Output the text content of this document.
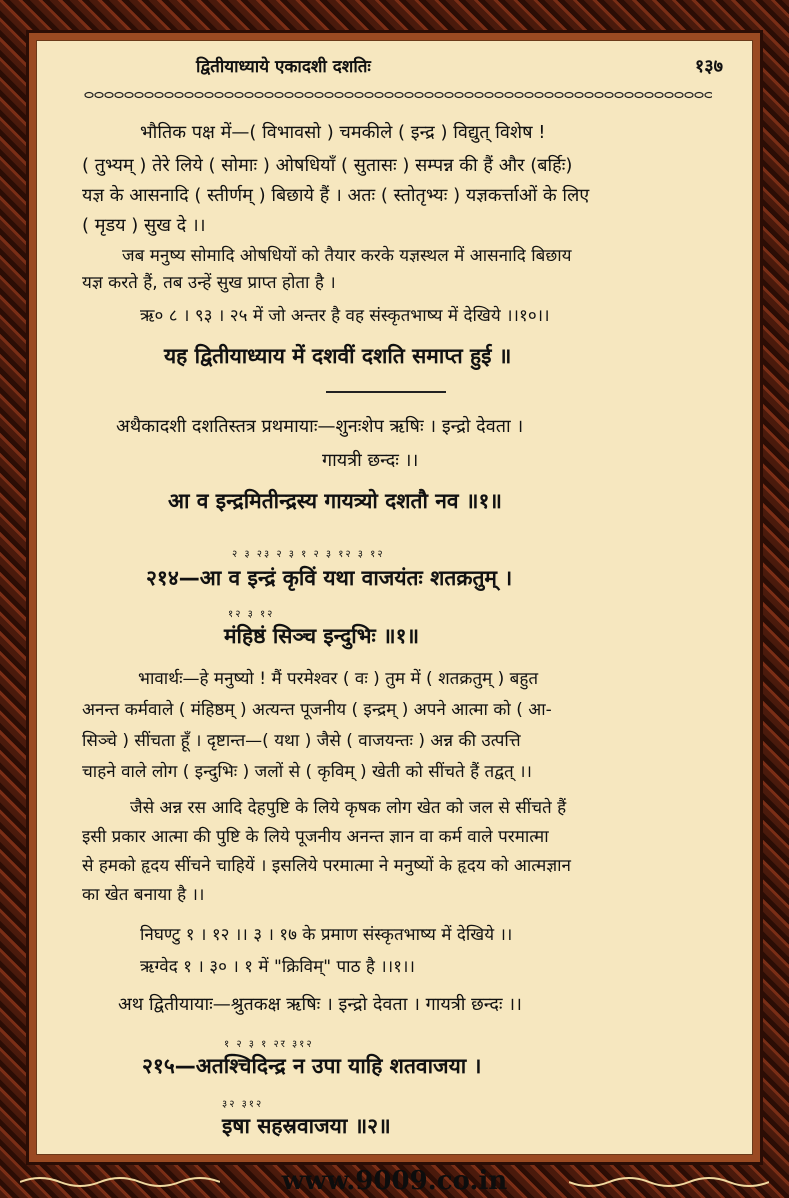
द्वितीयाध्याये एकादशी दशतिः	१३७
भौतिक पक्ष में—( विभावसो ) चमकीले ( इन्द्र ) विद्युत् विशेष !
( तुभ्यम् ) तेरे लिये ( सोमाः ) ओषधियाँ ( सुतासः ) सम्पन्न की हैं और (बर्हिः)
यज्ञ के आसनादि ( स्तीर्णम् ) बिछाये हैं । अतः ( स्तोतृभ्यः ) यज्ञकर्त्ताओं के लिए
( मृडय ) सुख दे ।।
जब मनुष्य सोमादि ओषधियों को तैयार करके यज्ञस्थल में आसनादि बिछाय
यज्ञ करते हैं, तब उन्हें सुख प्राप्त होता है ।
ऋ० ८ । ९३ । २५ में जो अन्तर है वह संस्कृतभाष्य में देखिये ।।१०।।
यह द्वितीयाध्याय में दशवीं दशति समाप्त हुई ॥
अथैकादशी दशतिस्तत्र प्रथमायाः—शुनःशेप ऋषिः । इन्द्रो देवता ।
गायत्री छन्दः ।।
आ व इन्द्रमितीन्द्रस्य गायत्र्यो दशतौ नव ॥१॥
२ ३ २३ २ ३ १ २ ३ १२ ३ १२
२१४—आ व इन्द्रं कृविं यथा वाजयंतः शतक्रतुम् ।
१२ ३ १२
मंहिष्ठं सिञ्च इन्दुभिः ॥१॥
भावार्थः—हे मनुष्यो ! मैं परमेश्वर ( वः ) तुम में ( शतक्रतुम् ) बहुत
अनन्त कर्मवाले ( मंहिष्ठम् ) अत्यन्त पूजनीय ( इन्द्रम् ) अपने आत्मा को ( आ-
सिञ्चे ) सींचता हूँ । दृष्टान्त—( यथा ) जैसे ( वाजयन्तः ) अन्न की उत्पत्ति
चाहने वाले लोग ( इन्दुभिः ) जलों से ( कृविम् ) खेती को सींचते हैं तद्वत् ।।
जैसे अन्न रस आदि देहपुष्टि के लिये कृषक लोग खेत को जल से सींचते हैं
इसी प्रकार आत्मा की पुष्टि के लिये पूजनीय अनन्त ज्ञान वा कर्म वाले परमात्मा
से हमको हृदय सींचने चाहियें । इसलिये परमात्मा ने मनुष्यों के हृदय को आत्मज्ञान
का खेत बनाया है ।।
निघण्टु १ । १२ ।। ३ । १७ के प्रमाण संस्कृतभाष्य में देखिये ।।
ऋग्वेद १ । ३० । १ में "क्रिविम्" पाठ है ।।१।।
अथ द्वितीयायाः—श्रुतकक्ष ऋषिः । इन्द्रो देवता । गायत्री छन्दः ।।
१ २ ३ १ २र ३१२
२१५—अतश्चिदिन्द्र न उपा याहि शतवाजया ।
३२ ३१२
इषा सहस्रवाजया ॥२॥
www.9009.co.in
